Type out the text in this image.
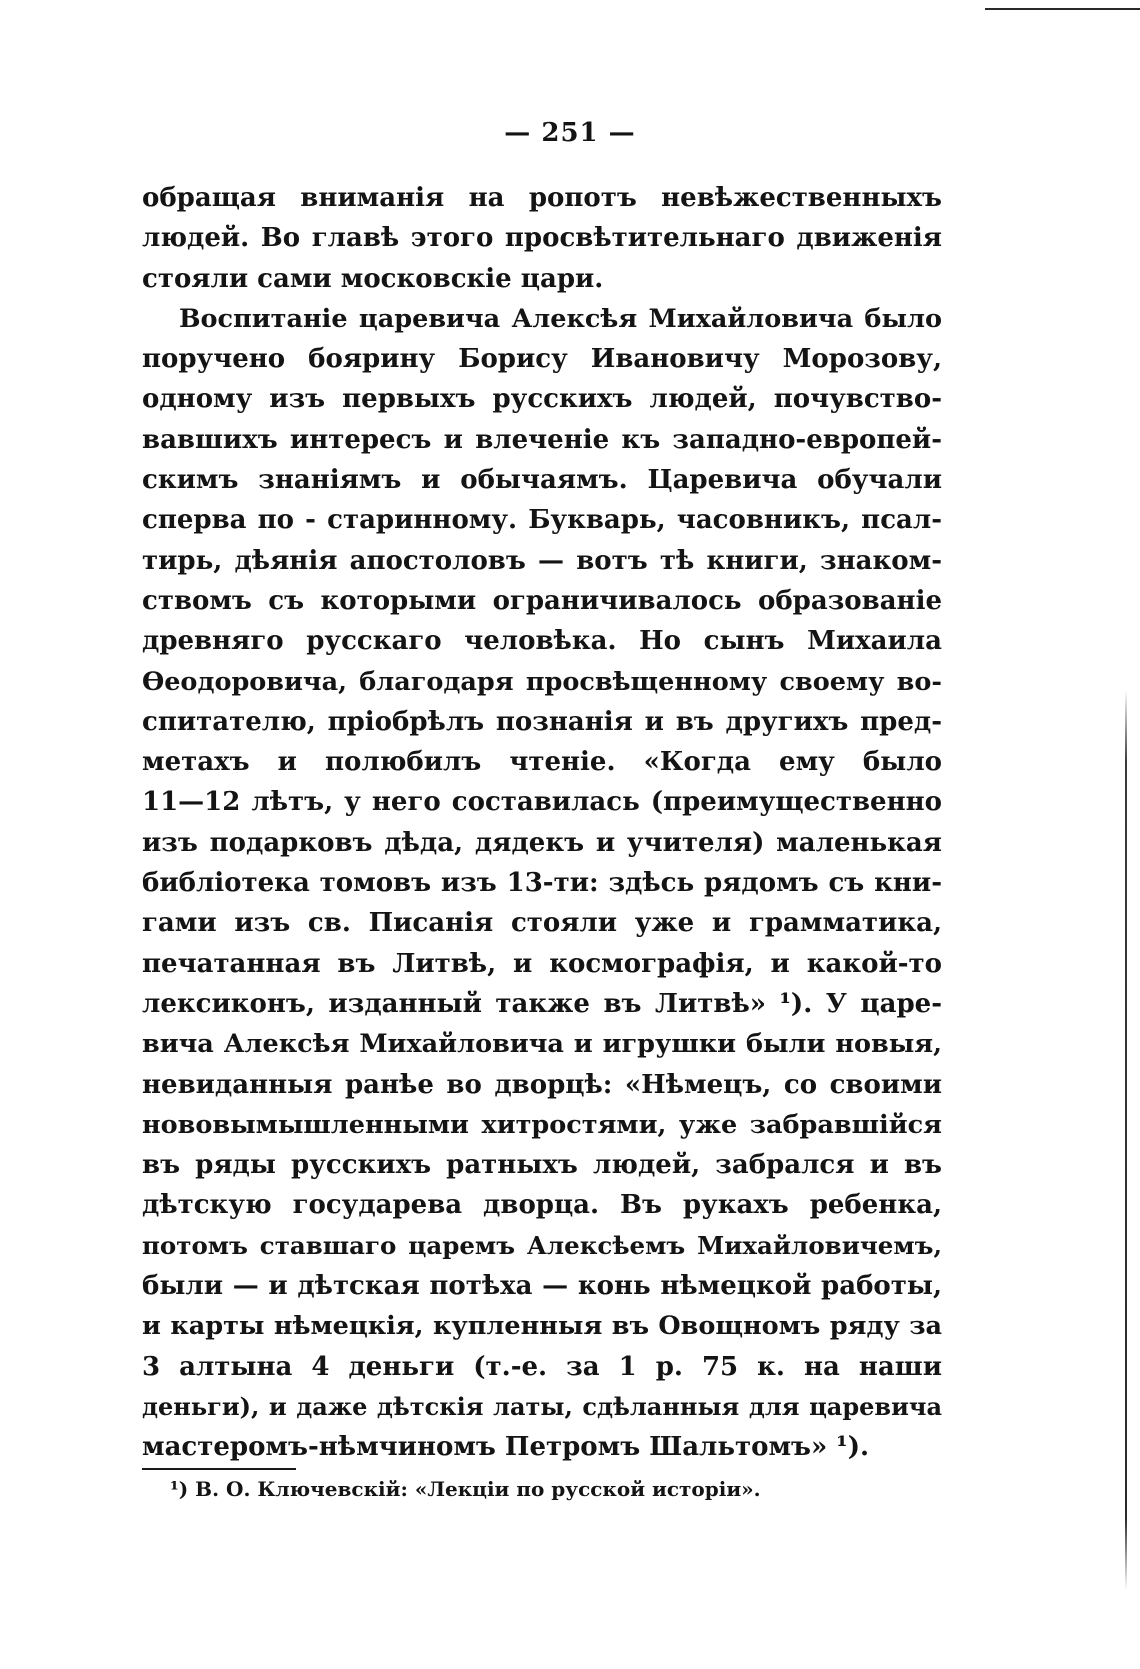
— 251 —
обращая вниманія на ропотъ невѣжественныхъ
людей. Во главѣ этого просвѣтительнаго движенія
стояли сами московскіе цари.
Воспитаніе царевича Алексѣя Михайловича было
поручено боярину Борису Ивановичу Морозову,
одному изъ первыхъ русскихъ людей, почувство-
вавшихъ интересъ и влеченіе къ западно-европей-
скимъ знаніямъ и обычаямъ. Царевича обучали
сперва по - старинному. Букварь, часовникъ, псал-
тирь, дѣянія апостоловъ — вотъ тѣ книги, знаком-
ствомъ съ которыми ограничивалось образованіе
древняго русскаго человѣка. Но сынъ Михаила
Өеодоровича, благодаря просвѣщенному своему во-
спитателю, пріобрѣлъ познанія и въ другихъ пред-
метахъ и полюбилъ чтеніе. «Когда ему было
11—12 лѣтъ, у него составилась (преимущественно
изъ подарковъ дѣда, дядекъ и учителя) маленькая
библіотека томовъ изъ 13-ти: здѣсь рядомъ съ кни-
гами изъ св. Писанія стояли уже и грамматика,
печатанная въ Литвѣ, и космографія, и какой-то
лексиконъ, изданный также въ Литвѣ» ¹). У царе-
вича Алексѣя Михайловича и игрушки были новыя,
невиданныя ранѣе во дворцѣ: «Нѣмецъ, со своими
нововымышленными хитростями, уже забравшійся
въ ряды русскихъ ратныхъ людей, забрался и въ
дѣтскую государева дворца. Въ рукахъ ребенка,
потомъ ставшаго царемъ Алексѣемъ Михайловичемъ,
были — и дѣтская потѣха — конь нѣмецкой работы,
и карты нѣмецкія, купленныя въ Овощномъ ряду за
3 алтына 4 деньги (т.-е. за 1 р. 75 к. на наши
деньги), и даже дѣтскія латы, сдѣланныя для царевича
мастеромъ-нѣмчиномъ Петромъ Шальтомъ» ¹).
¹) В. О. Ключевскій: «Лекціи по русской исторіи».
